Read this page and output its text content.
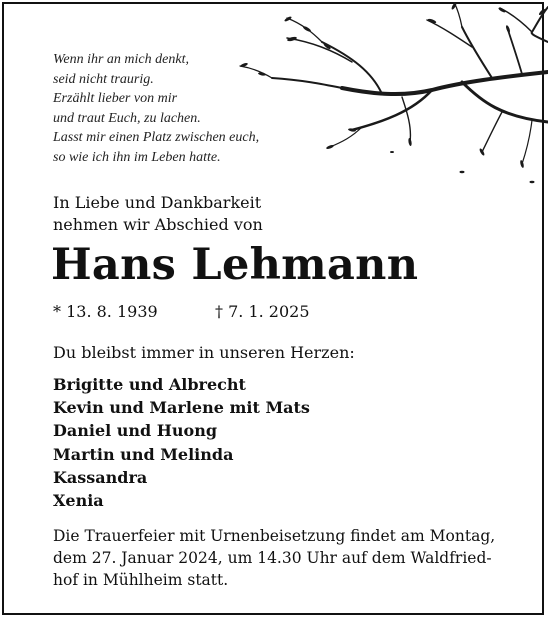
Wenn ihr an mich denkt,
seid nicht traurig.
Erzählt lieber von mir
und traut Euch, zu lachen.
Lasst mir einen Platz zwischen euch,
so wie ich ihn im Leben hatte.
In Liebe und Dankbarkeit
nehmen wir Abschied von
Hans Lehmann
* 13. 8. 1939	† 7. 1. 2025
Du bleibst immer in unseren Herzen:
Brigitte und Albrecht
Kevin und Marlene mit Mats
Daniel und Huong
Martin und Melinda
Kassandra
Xenia
Die Trauerfeier mit Urnenbeisetzung findet am Montag,
dem 27. Januar 2024, um 14.30 Uhr auf dem Waldfried-
hof in Mühlheim statt.
